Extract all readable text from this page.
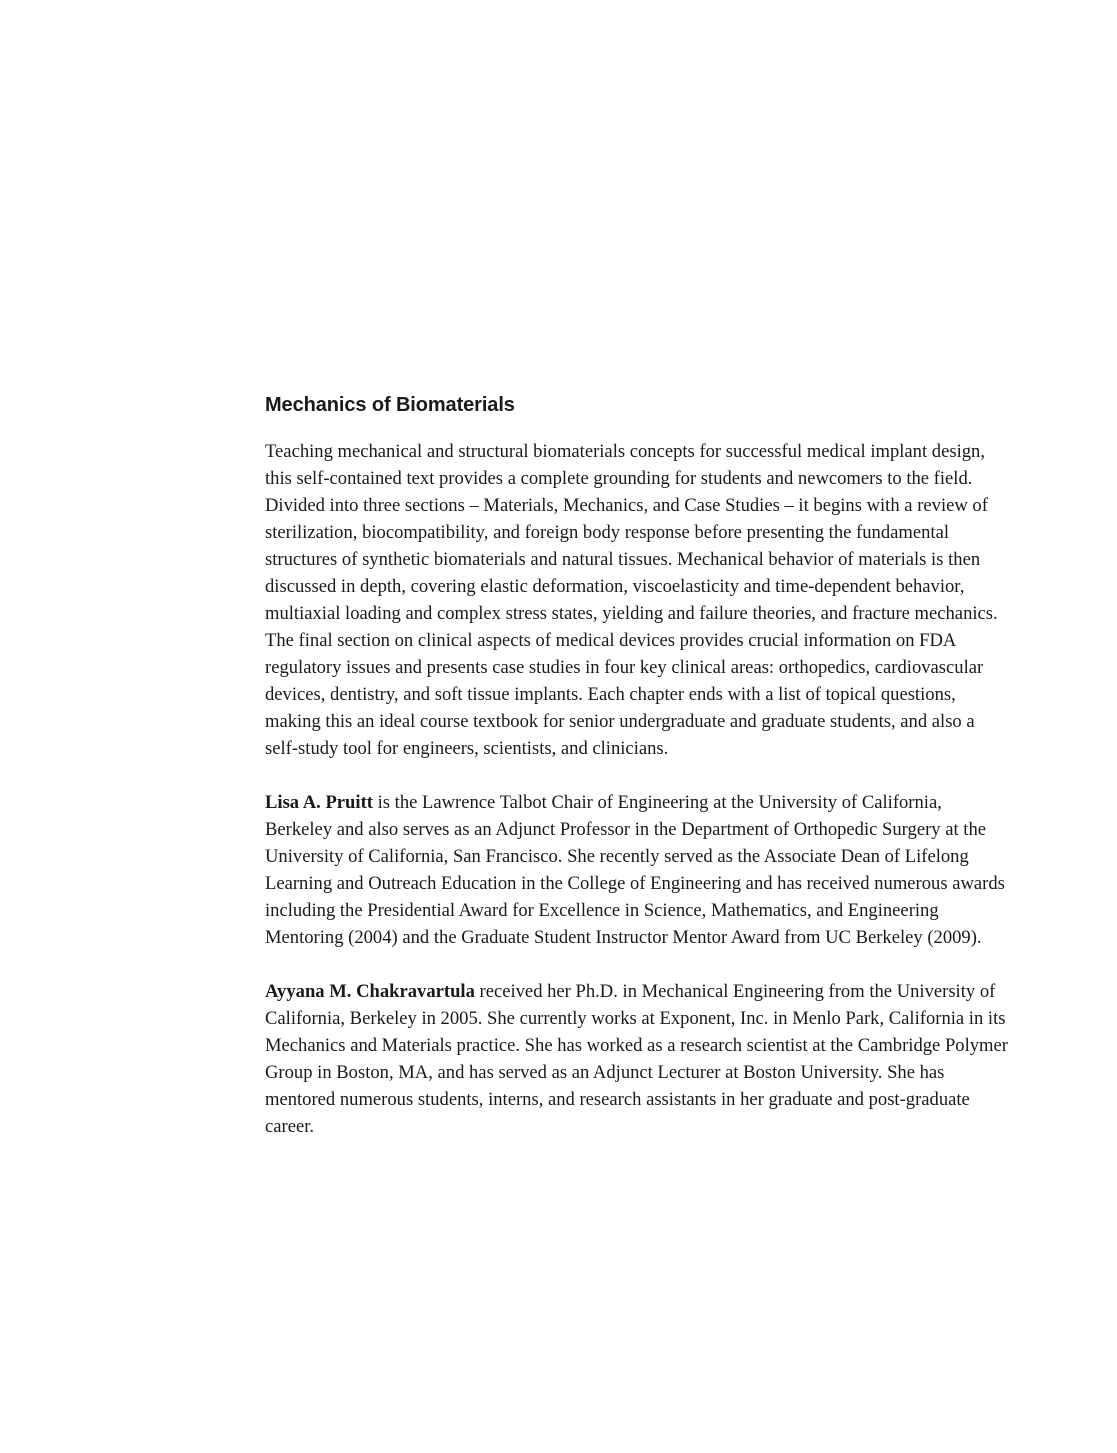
Mechanics of Biomaterials

Teaching mechanical and structural biomaterials concepts for successful medical implant design, this self-contained text provides a complete grounding for students and newcomers to the field. Divided into three sections – Materials, Mechanics, and Case Studies – it begins with a review of sterilization, biocompatibility, and foreign body response before presenting the fundamental structures of synthetic biomaterials and natural tissues. Mechanical behavior of materials is then discussed in depth, covering elastic deformation, viscoelasticity and time-dependent behavior, multiaxial loading and complex stress states, yielding and failure theories, and fracture mechanics. The final section on clinical aspects of medical devices provides crucial information on FDA regulatory issues and presents case studies in four key clinical areas: orthopedics, cardiovascular devices, dentistry, and soft tissue implants. Each chapter ends with a list of topical questions, making this an ideal course textbook for senior undergraduate and graduate students, and also a self-study tool for engineers, scientists, and clinicians.

Lisa A. Pruitt is the Lawrence Talbot Chair of Engineering at the University of California, Berkeley and also serves as an Adjunct Professor in the Department of Orthopedic Surgery at the University of California, San Francisco. She recently served as the Associate Dean of Lifelong Learning and Outreach Education in the College of Engineering and has received numerous awards including the Presidential Award for Excellence in Science, Mathematics, and Engineering Mentoring (2004) and the Graduate Student Instructor Mentor Award from UC Berkeley (2009).

Ayyana M. Chakravartula received her Ph.D. in Mechanical Engineering from the University of California, Berkeley in 2005. She currently works at Exponent, Inc. in Menlo Park, California in its Mechanics and Materials practice. She has worked as a research scientist at the Cambridge Polymer Group in Boston, MA, and has served as an Adjunct Lecturer at Boston University. She has mentored numerous students, interns, and research assistants in her graduate and post-graduate career.
